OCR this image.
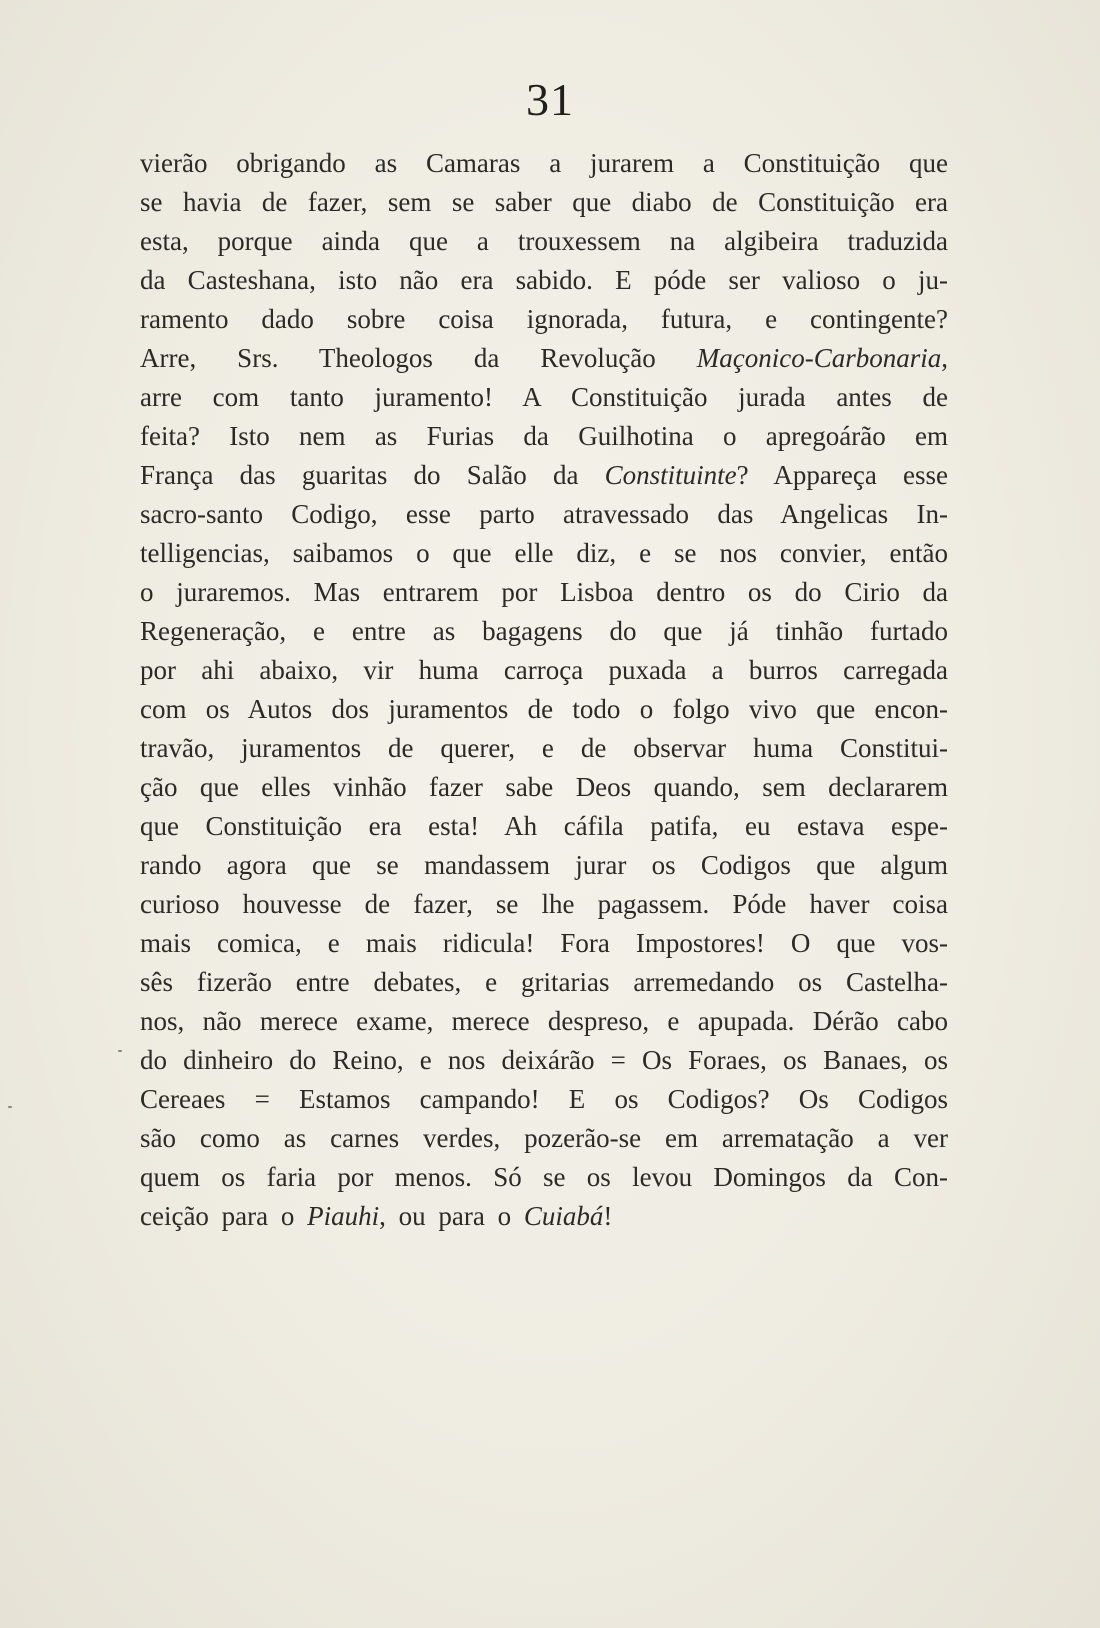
31
vierão obrigando as Camaras a jurarem a Constituição que
se havia de fazer, sem se saber que diabo de Constituição era
esta, porque ainda que a trouxessem na algibeira traduzida
da Casteshana, isto não era sabido. E póde ser valioso o ju-
ramento dado sobre coisa ignorada, futura, e contingente?
Arre, Srs. Theologos da Revolução Maçonico-Carbonaria,
arre com tanto juramento! A Constituição jurada antes de
feita? Isto nem as Furias da Guilhotina o apregoárão em
França das guaritas do Salão da Constituinte? Appareça esse
sacro-santo Codigo, esse parto atravessado das Angelicas In-
telligencias, saibamos o que elle diz, e se nos convier, então
o juraremos. Mas entrarem por Lisboa dentro os do Cirio da
Regeneração, e entre as bagagens do que já tinhão furtado
por ahi abaixo, vir huma carroça puxada a burros carregada
com os Autos dos juramentos de todo o folgo vivo que encon-
travão, juramentos de querer, e de observar huma Constitui-
ção que elles vinhão fazer sabe Deos quando, sem declararem
que Constituição era esta! Ah cáfila patifa, eu estava espe-
rando agora que se mandassem jurar os Codigos que algum
curioso houvesse de fazer, se lhe pagassem. Póde haver coisa
mais comica, e mais ridicula! Fora Impostores! O que vos-
sês fizerão entre debates, e gritarias arremedando os Castelha-
nos, não merece exame, merece despreso, e apupada. Dérão cabo
do dinheiro do Reino, e nos deixárão = Os Foraes, os Banaes, os
Cereaes = Estamos campando! E os Codigos? Os Codigos
são como as carnes verdes, pozerão-se em arrematação a ver
quem os faria por menos. Só se os levou Domingos da Con-
ceição para o Piauhi, ou para o Cuiabá!
